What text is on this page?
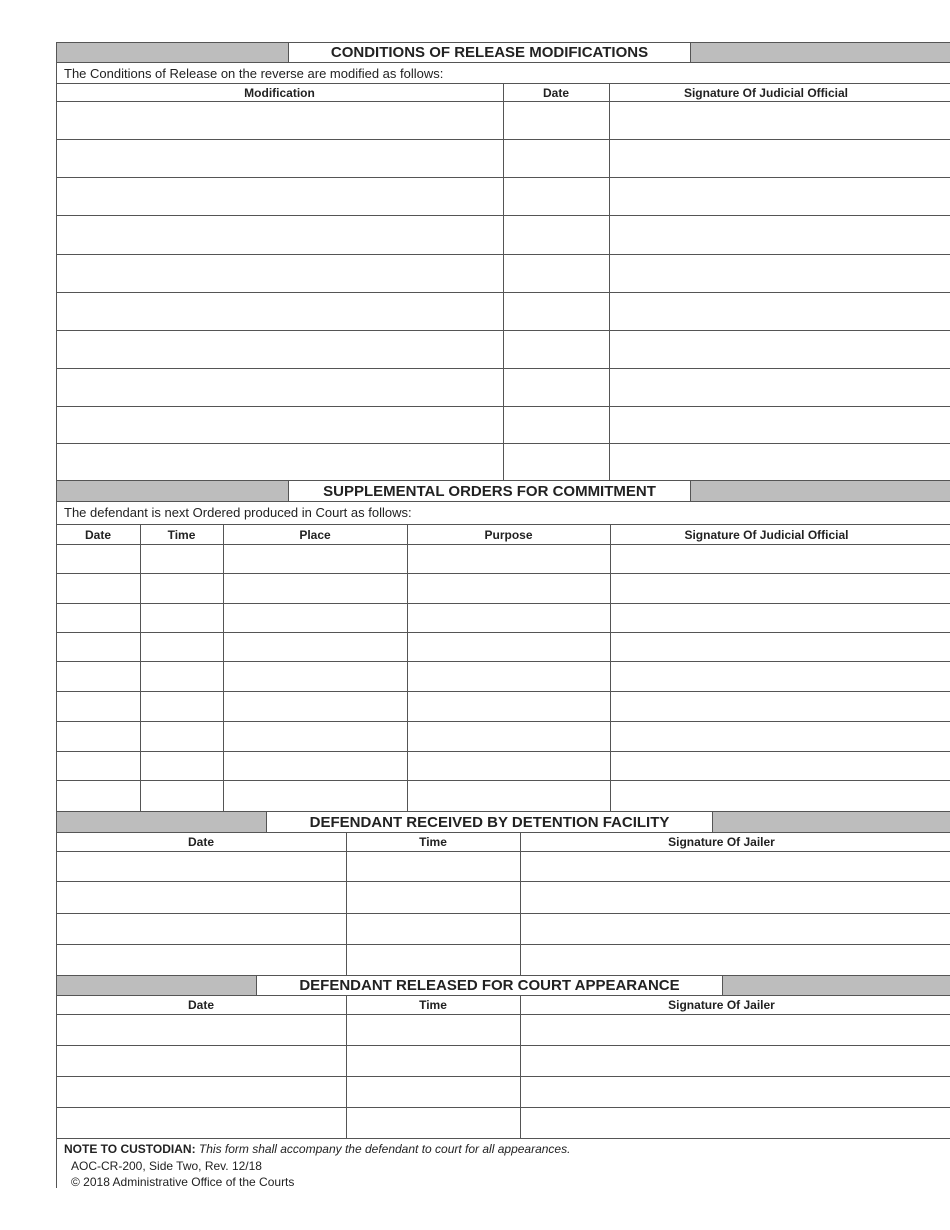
CONDITIONS OF RELEASE MODIFICATIONS
The Conditions of Release on the reverse are modified as follows:
Modification	Date	Signature Of Judicial Official
SUPPLEMENTAL ORDERS FOR COMMITMENT
The defendant is next Ordered produced in Court as follows:
Date	Time	Place	Purpose	Signature Of Judicial Official
DEFENDANT RECEIVED BY DETENTION FACILITY
Date	Time	Signature Of Jailer
DEFENDANT RELEASED FOR COURT APPEARANCE
Date	Time	Signature Of Jailer
NOTE TO CUSTODIAN: This form shall accompany the defendant to court for all appearances.
AOC-CR-200, Side Two, Rev. 12/18
© 2018 Administrative Office of the Courts
